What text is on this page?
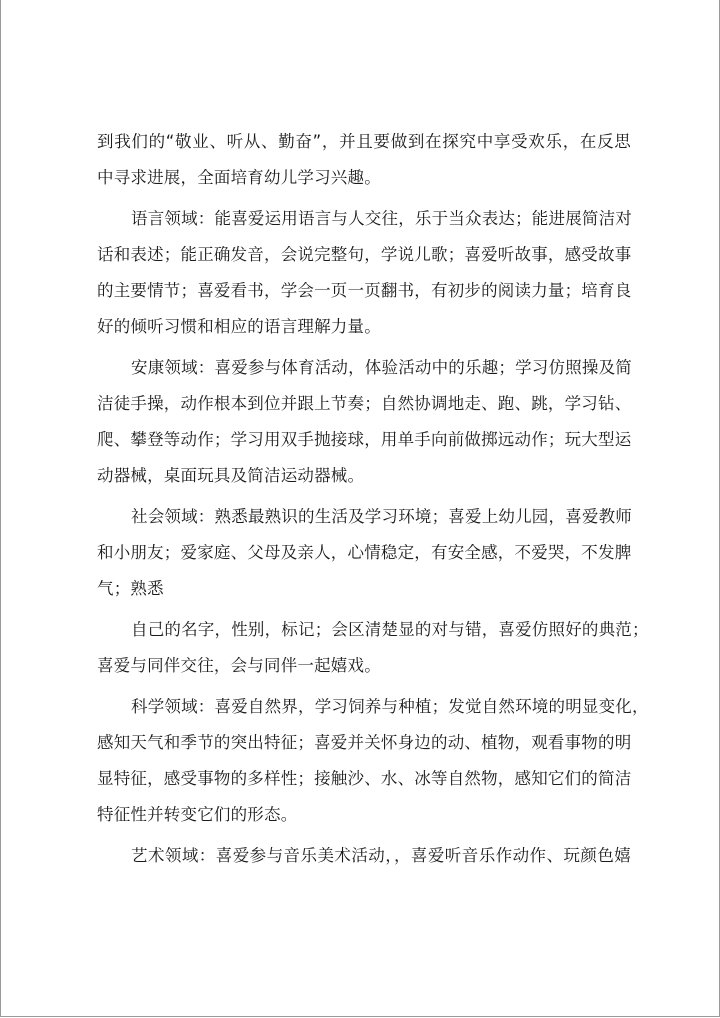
到我们的“敬业、听从、勤奋”，并且要做到在探究中享受欢乐，在反思
中寻求进展，全面培育幼儿学习兴趣。
语言领域：能喜爱运用语言与人交往，乐于当众表达；能进展简洁对
话和表述；能正确发音，会说完整句，学说儿歌；喜爱听故事，感受故事
的主要情节；喜爱看书，学会一页一页翻书，有初步的阅读力量；培育良
好的倾听习惯和相应的语言理解力量。
安康领域：喜爱参与体育活动，体验活动中的乐趣；学习仿照操及简
洁徒手操，动作根本到位并跟上节奏；自然协调地走、跑、跳，学习钻、
爬、攀登等动作；学习用双手抛接球，用单手向前做掷远动作；玩大型运
动器械，桌面玩具及简洁运动器械。
社会领域：熟悉最熟识的生活及学习环境；喜爱上幼儿园，喜爱教师
和小朋友；爱家庭、父母及亲人，心情稳定，有安全感，不爱哭，不发脾
气；熟悉
自己的名字，性别，标记；会区清楚显的对与错，喜爱仿照好的典范；
喜爱与同伴交往，会与同伴一起嬉戏。
科学领域：喜爱自然界，学习饲养与种植；发觉自然环境的明显变化，
感知天气和季节的突出特征；喜爱并关怀身边的动、植物，观看事物的明
显特征，感受事物的多样性；接触沙、水、冰等自然物，感知它们的简洁
特征性并转变它们的形态。
艺术领域：喜爱参与音乐美术活动，，喜爱听音乐作动作、玩颜色嬉
